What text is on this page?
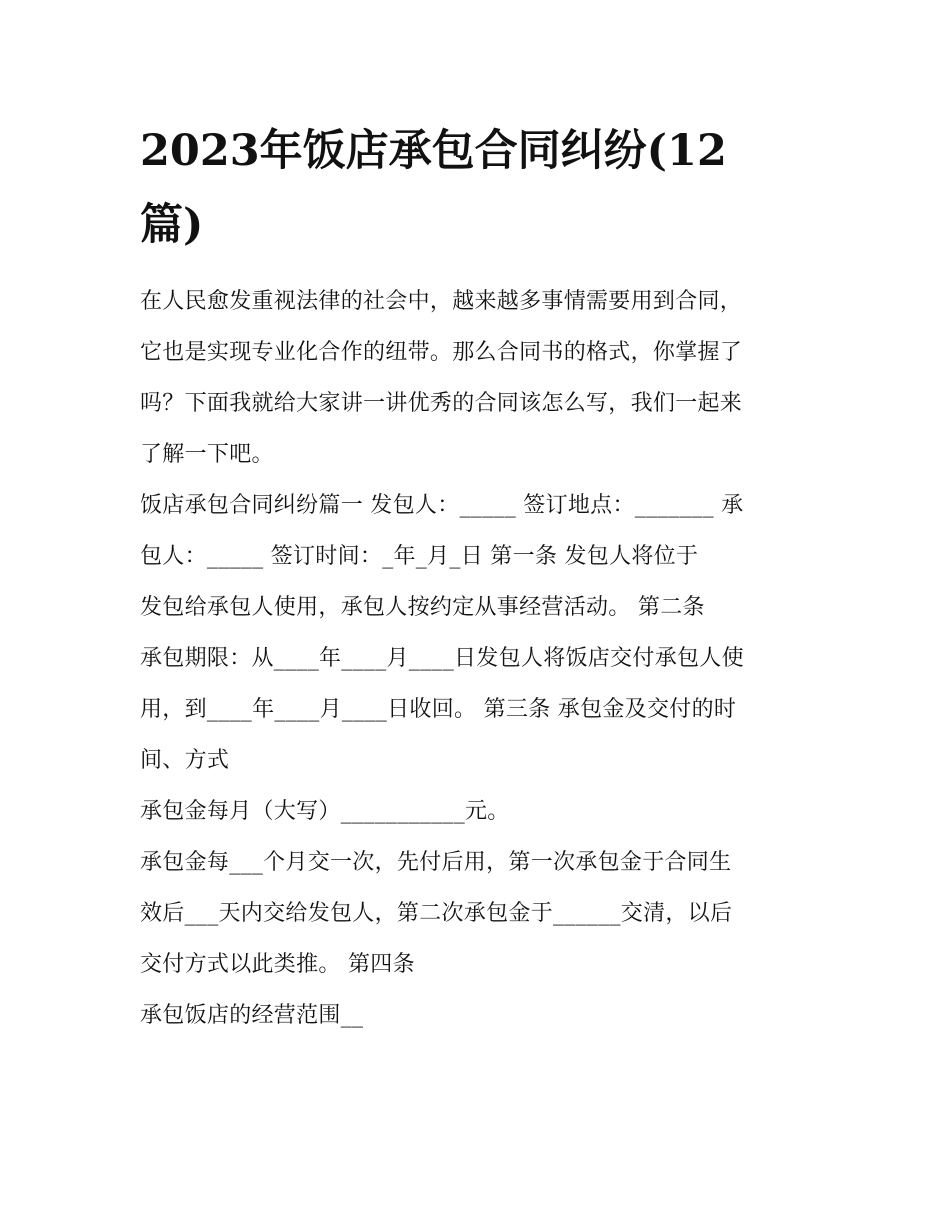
2023年饭店承包合同纠纷(12
篇)
在人民愈发重视法律的社会中，越来越多事情需要用到合同，
它也是实现专业化合作的纽带。那么合同书的格式，你掌握了
吗？下面我就给大家讲一讲优秀的合同该怎么写，我们一起来
了解一下吧。
饭店承包合同纠纷篇一 发包人：_____ 签订地点：_______ 承
包人：_____ 签订时间：_年_月_日 第一条 发包人将位于
发包给承包人使用，承包人按约定从事经营活动。 第二条
承包期限：从____年____月____日发包人将饭店交付承包人使
用，到____年____月____日收回。 第三条 承包金及交付的时
间、方式
承包金每月（大写）___________元。
承包金每___个月交一次，先付后用，第一次承包金于合同生
效后___天内交给发包人，第二次承包金于______交清，以后
交付方式以此类推。 第四条
承包饭店的经营范围__
